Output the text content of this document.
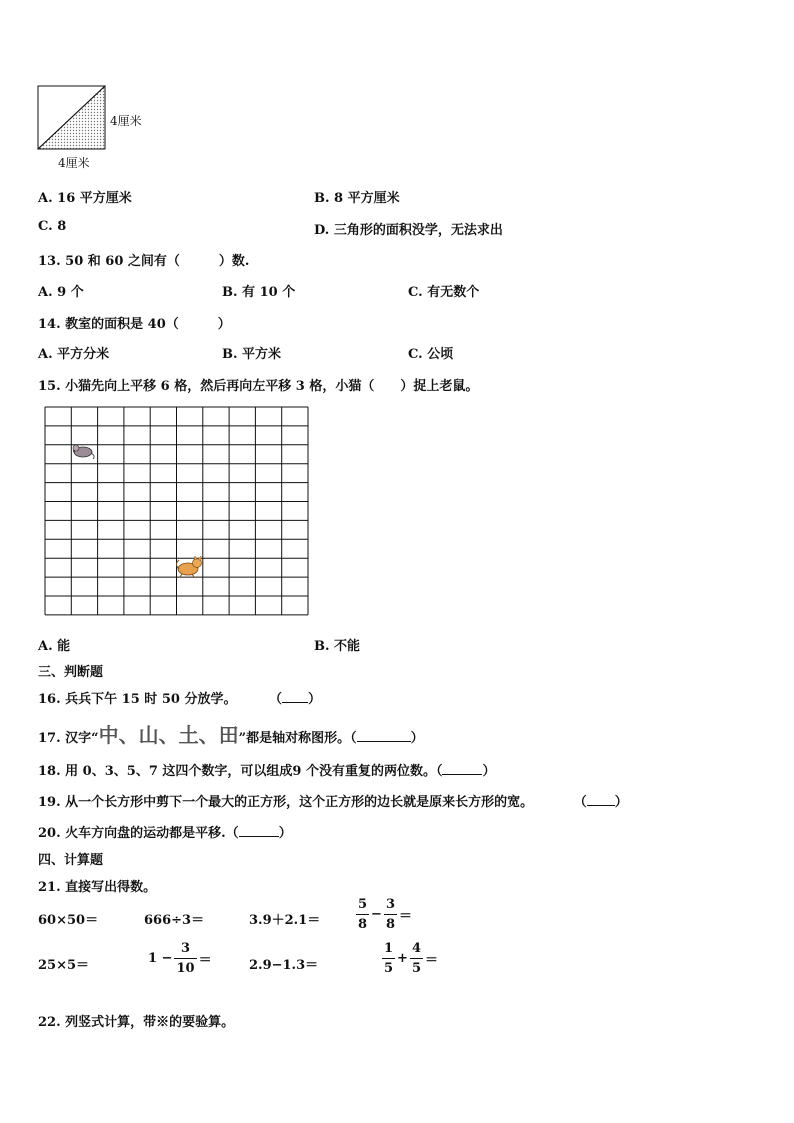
4厘米
4厘米
A. 16 平方厘米	B. 8 平方厘米
C. 8	D. 三角形的面积没学，无法求出
13. 50 和 60 之间有（　　　）数.
A. 9 个	B. 有 10 个	C. 有无数个
14. 教室的面积是 40（　　　）
A. 平方分米	B. 平方米	C. 公顷
15. 小猫先向上平移 6 格，然后再向左平移 3 格，小猫（　　）捉上老鼠。
A. 能	B. 不能
三、判断题
16. 兵兵下午 15 时 50 分放学。	（ ）
17. 汉字“中、山、土、田”都是轴对称图形。（	）
18. 用 0、3、5、7 这四个数字，可以组成9 个没有重复的两位数。（	）
19. 从一个长方形中剪下一个最大的正方形，这个正方形的边长就是原来长方形的宽。	（ ）
20. 火车方向盘的运动都是平移.（	）
四、计算题
21. 直接写出得数。
60×50＝	666÷3＝	3.9＋2.1＝	$\frac{5}{8} - \frac{3}{8}$ ＝
25×5＝	$1 - \frac{3}{10}$ ＝	2.9−1.3＝	$\frac{1}{5} + \frac{4}{5}$ ＝
22. 列竖式计算，带※的要验算。
